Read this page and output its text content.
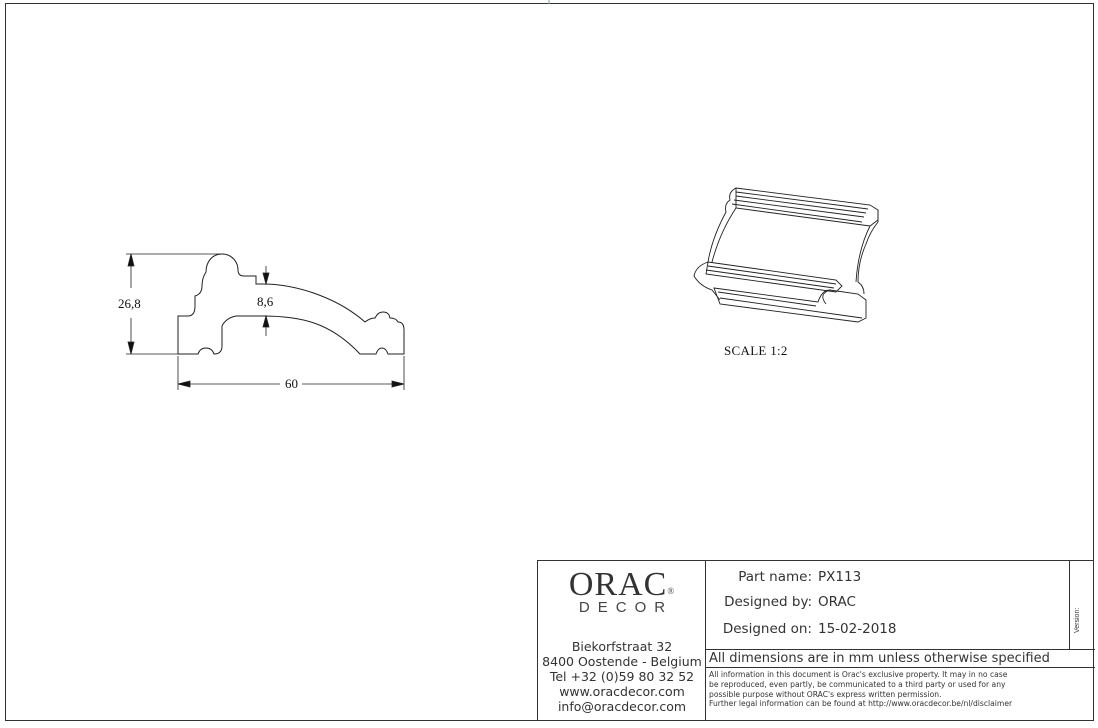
26,8	8,6
60
SCALE 1:2
ORAC®
DECOR
Biekorfstraat 32
8400 Oostende - Belgium
Tel +32 (0)59 80 32 52
www.oracdecor.com
info@oracdecor.com
Part name: PX113
Designed by: ORAC
Designed on: 15-02-2018	Version:
All dimensions are in mm unless otherwise specified
All information in this document is Orac's exclusive property. It may in no case
be reproduced, even partly, be communicated to a third party or used for any
possible purpose without ORAC's express written permission.
Further legal information can be found at http://www.oracdecor.be/nl/disclaimer
